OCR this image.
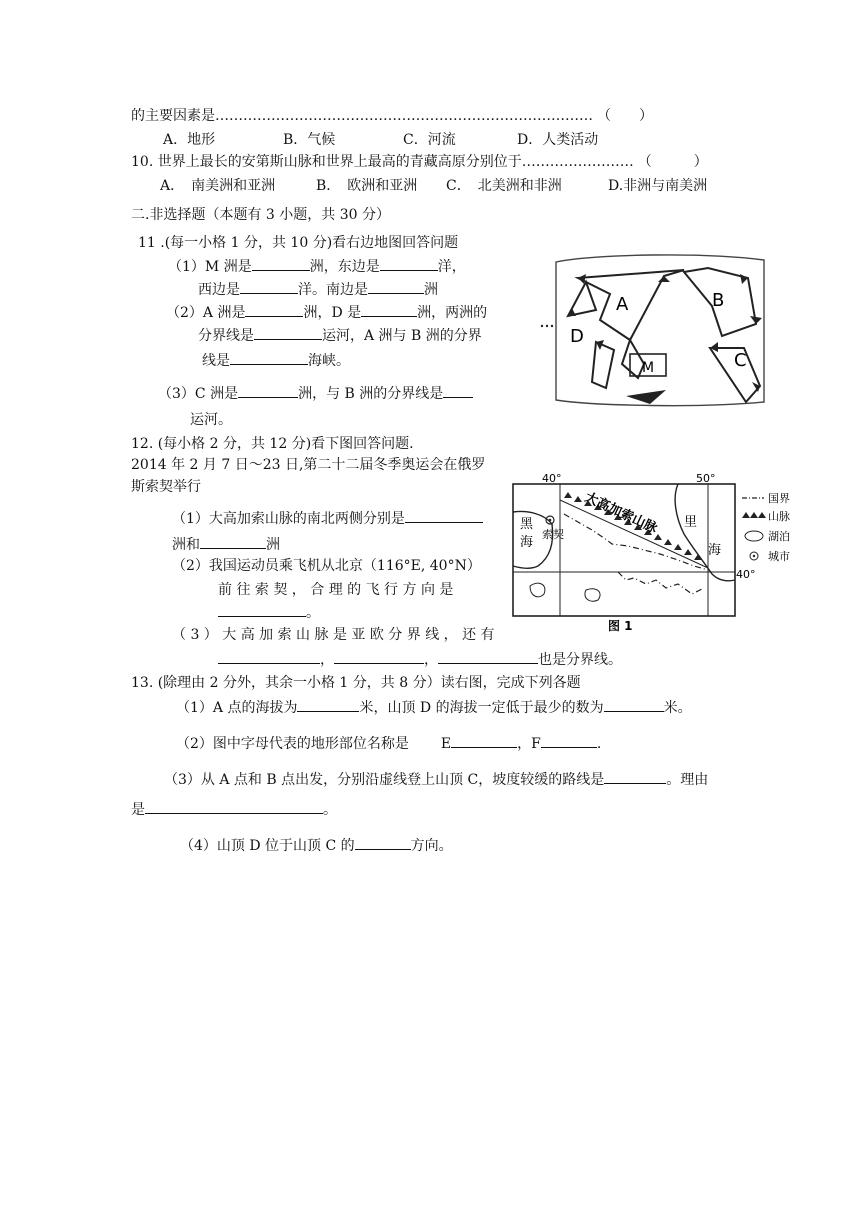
的主要因素是……………………………………………………………………… （　　）
A．地形	B．气候	C．河流	D．人类活动
10. 世界上最长的安第斯山脉和世界上最高的青藏高原分别位于…………………… （　　　）
A．　南美洲和亚洲	B．　欧洲和亚洲 C．　北美洲和非洲	D.非洲与南美洲
二.非选择题（本题有 3 小题，共 30 分）
11 .(每一小格 1 分，共 10 分)看右边地图回答问题
（1）M 洲是	洲，东边是	洋，
西边是	洋。南边是	洲
（2）A 洲是	洲，D 是	洲，两洲的
分界线是	运河，A 洲与 B 洲的分界
线是	海峡。
（3）C 洲是	洲，与 B 洲的分界线是
运河。
A	B
C
D
M
12. (每小格 2 分，共 12 分)看下图回答问题.
2014 年 2 月 7 日～23 日,第二十二届冬季奥运会在俄罗
斯索契举行
（1）大高加索山脉的南北两侧分别是
洲和	洲
（2）我国运动员乘飞机从北京（116°E, 40°N）
前 往 索 契 ， 合 理 的 飞 行 方 向 是
。
（ 3 ） 大 高 加 索 山 脉 是 亚 欧 分 界 线 ， 还 有
，	，	也是分界线。
40°	50°
40°
黑
海
索契
里
海
大高加索山脉
图 1
国界
山脉
湖泊
城市
13. (除理由 2 分外，其余一小格 1 分，共 8 分）读右图，完成下列各题
（1）A 点的海拔为	米，山顶 D 的海拔一定低于最少的数为	米。
（2）图中字母代表的地形部位名称是 E	，F	.
（3）从 A 点和 B 点出发，分别沿虚线登上山顶 C，坡度较缓的路线是	。理由
是	。
（4）山顶 D 位于山顶 C 的	方向。
